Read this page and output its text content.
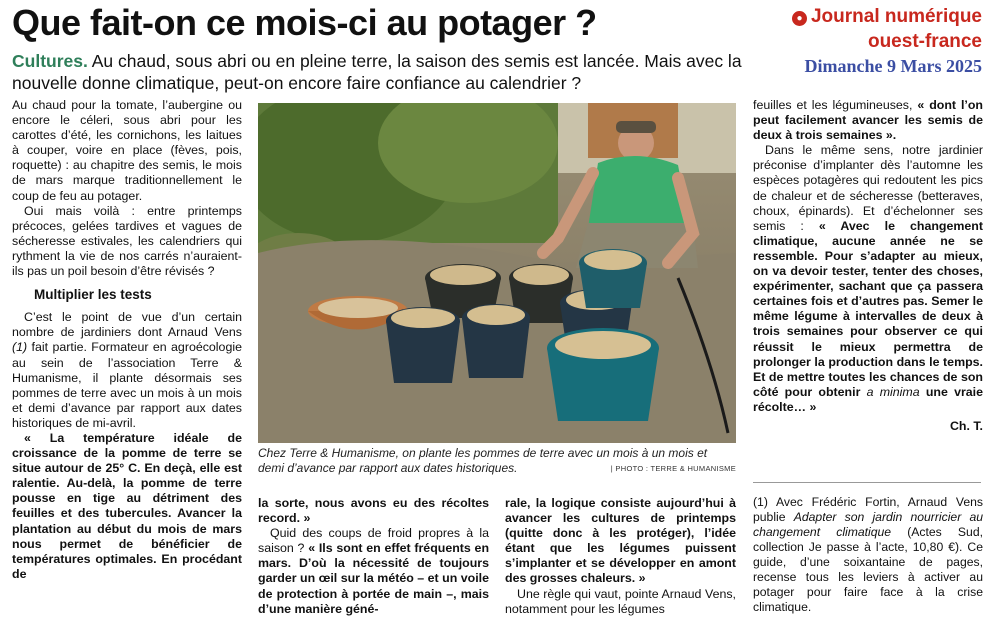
Que fait-on ce mois-ci au potager ?	● Journal numérique
ouest-france
Dimanche 9 Mars 2025
Cultures. Au chaud, sous abri ou en pleine terre, la saison des semis est lancée. Mais avec la nouvelle donne climatique, peut-on encore faire confiance au calendrier ?

Au chaud pour la tomate, l’aubergine ou encore le céleri, sous abri pour les carottes d’été, les cornichons, les laitues à couper, voire en place (fèves, pois, roquette) : au chapitre des semis, le mois de mars marque traditionnellement le coup de feu au potager.

Oui mais voilà : entre printemps précoces, gelées tardives et vagues de sécheresse estivales, les calendriers qui rythment la vie de nos carrés n’auraient-ils pas un poil besoin d’être révisés ?

Multiplier les tests

C’est le point de vue d’un certain nombre de jardiniers dont Arnaud Vens (1) fait partie. Formateur en agroécologie au sein de l’association Terre & Humanisme, il plante désormais ses pommes de terre avec un mois à un mois et demi d’avance par rapport aux dates historiques de mi-avril.

« La température idéale de croissance de la pomme de terre se situe autour de 25° C. En deçà, elle est ralentie. Au-delà, la pomme de terre pousse en tige au détriment des feuilles et des tubercules. Avancer la plantation au début du mois de mars nous permet de bénéficier de températures optimales. En procédant de

Chez Terre & Humanisme, on plante les pommes de terre avec un mois à un mois et demi d’avance par rapport aux dates historiques.	| PHOTO : TERRE & HUMANISME

la sorte, nous avons eu des récoltes record. »

Quid des coups de froid propres à la saison ? « Ils sont en effet fréquents en mars. D’où la nécessité de toujours garder un œil sur la météo – et un voile de protection à portée de main –, mais d’une manière géné-

rale, la logique consiste aujourd’hui à avancer les cultures de printemps (quitte donc à les protéger), l’idée étant que les légumes puissent s’implanter et se développer en amont des grosses chaleurs. »

Une règle qui vaut, pointe Arnaud Vens, notamment pour les légumes

feuilles et les légumineuses, « dont l’on peut facilement avancer les semis de deux à trois semaines ».

Dans le même sens, notre jardinier préconise d’implanter dès l’automne les espèces potagères qui redoutent les pics de chaleur et de sécheresse (betteraves, choux, épinards). Et d’échelonner ses semis : « Avec le changement climatique, aucune année ne se ressemble. Pour s’adapter au mieux, on va devoir tester, tenter des choses, expérimenter, sachant que ça passera certaines fois et d’autres pas. Semer le même légume à intervalles de deux à trois semaines pour observer ce qui réussit le mieux permettra de prolonger la production dans le temps. Et de mettre toutes les chances de son côté pour obtenir a minima une vraie récolte… »

Ch. T.

(1) Avec Frédéric Fortin, Arnaud Vens publie Adapter son jardin nourricier au changement climatique (Actes Sud, collection Je passe à l’acte, 10,80 €). Ce guide, d’une soixantaine de pages, recense tous les leviers à activer au potager pour faire face à la crise climatique.
